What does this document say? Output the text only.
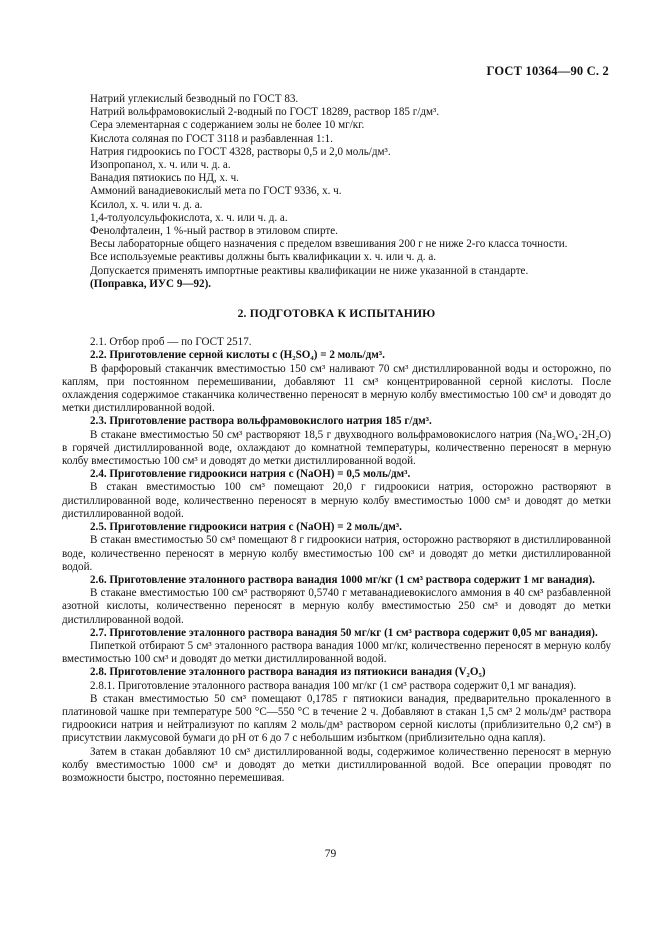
ГОСТ 10364—90 С. 2

Натрий углекислый безводный по ГОСТ 83.

Натрий вольфрамовокислый 2-водный по ГОСТ 18289, раствор 185 г/дм³.

Сера элементарная с содержанием золы не более 10 мг/кг.

Кислота соляная по ГОСТ 3118 и разбавленная 1:1.

Натрия гидроокись по ГОСТ 4328, растворы 0,5 и 2,0 моль/дм³.

Изопропанол, х. ч. или ч. д. а.

Ванадия пятиокись по НД, х. ч.

Аммоний ванадиевокислый мета по ГОСТ 9336, х. ч.

Ксилол, х. ч. или ч. д. а.

1,4-толуолсульфокислота, х. ч. или ч. д. а.

Фенолфталеин, 1 %-ный раствор в этиловом спирте.

Весы лабораторные общего назначения с пределом взвешивания 200 г не ниже 2-го класса точности.

Все используемые реактивы должны быть квалификации х. ч. или ч. д. а.

Допускается применять импортные реактивы квалификации не ниже указанной в стандарте.

(Поправка, ИУС 9—92).

2. ПОДГОТОВКА К ИСПЫТАНИЮ

2.1. Отбор проб — по ГОСТ 2517.

2.2. Приготовление серной кислоты c (H₂SO₄) = 2 моль/дм³.

В фарфоровый стаканчик вместимостью 150 см³ наливают 70 см³ дистиллированной воды и осторожно, по каплям, при постоянном перемешивании, добавляют 11 см³ концентрированной серной кислоты. После охлаждения содержимое стаканчика количественно переносят в мерную колбу вместимостью 100 см³ и доводят до метки дистиллированной водой.

2.3. Приготовление раствора вольфрамовокислого натрия 185 г/дм³.

В стакане вместимостью 50 см³ растворяют 18,5 г двухводного вольфрамовокислого натрия (Na₂WO₄·2H₂O) в горячей дистиллированной воде, охлаждают до комнатной температуры, количественно переносят в мерную колбу вместимостью 100 см³ и доводят до метки дистиллированной водой.

2.4. Приготовление гидроокиси натрия c (NaOH) = 0,5 моль/дм³.

В стакан вместимостью 100 см³ помещают 20,0 г гидроокиси натрия, осторожно растворяют в дистиллированной воде, количественно переносят в мерную колбу вместимостью 1000 см³ и доводят до метки дистиллированной водой.

2.5. Приготовление гидроокиси натрия c (NaOH) = 2 моль/дм³.

В стакан вместимостью 50 см³ помещают 8 г гидроокиси натрия, осторожно растворяют в дистиллированной воде, количественно переносят в мерную колбу вместимостью 100 см³ и доводят до метки дистиллированной водой.

2.6. Приготовление эталонного раствора ванадия 1000 мг/кг (1 см³ раствора содержит 1 мг ванадия).

В стакане вместимостью 100 см³ растворяют 0,5740 г метаванадиевокислого аммония в 40 см³ разбавленной азотной кислоты, количественно переносят в мерную колбу вместимостью 250 см³ и доводят до метки дистиллированной водой.

2.7. Приготовление эталонного раствора ванадия 50 мг/кг (1 см³ раствора содержит 0,05 мг ванадия).

Пипеткой отбирают 5 см³ эталонного раствора ванадия 1000 мг/кг, количественно переносят в мерную колбу вместимостью 100 см³ и доводят до метки дистиллированной водой.

2.8. Приготовление эталонного раствора ванадия из пятиокиси ванадия (V₂O₅)

2.8.1. Приготовление эталонного раствора ванадия 100 мг/кг (1 см³ раствора содержит 0,1 мг ванадия).

В стакан вместимостью 50 см³ помещают 0,1785 г пятиокиси ванадия, предварительно прокаленного в платиновой чашке при температуре 500 °С—550 °С в течение 2 ч. Добавляют в стакан 1,5 см³ 2 моль/дм³ раствора гидроокиси натрия и нейтрализуют по каплям 2 моль/дм³ раствором серной кислоты (приблизительно 0,2 см³) в присутствии лакмусовой бумаги до рН от 6 до 7 с небольшим избытком (приблизительно одна капля).

Затем в стакан добавляют 10 см³ дистиллированной воды, содержимое количественно переносят в мерную колбу вместимостью 1000 см³ и доводят до метки дистиллированной водой. Все операции проводят по возможности быстро, постоянно перемешивая.

79
